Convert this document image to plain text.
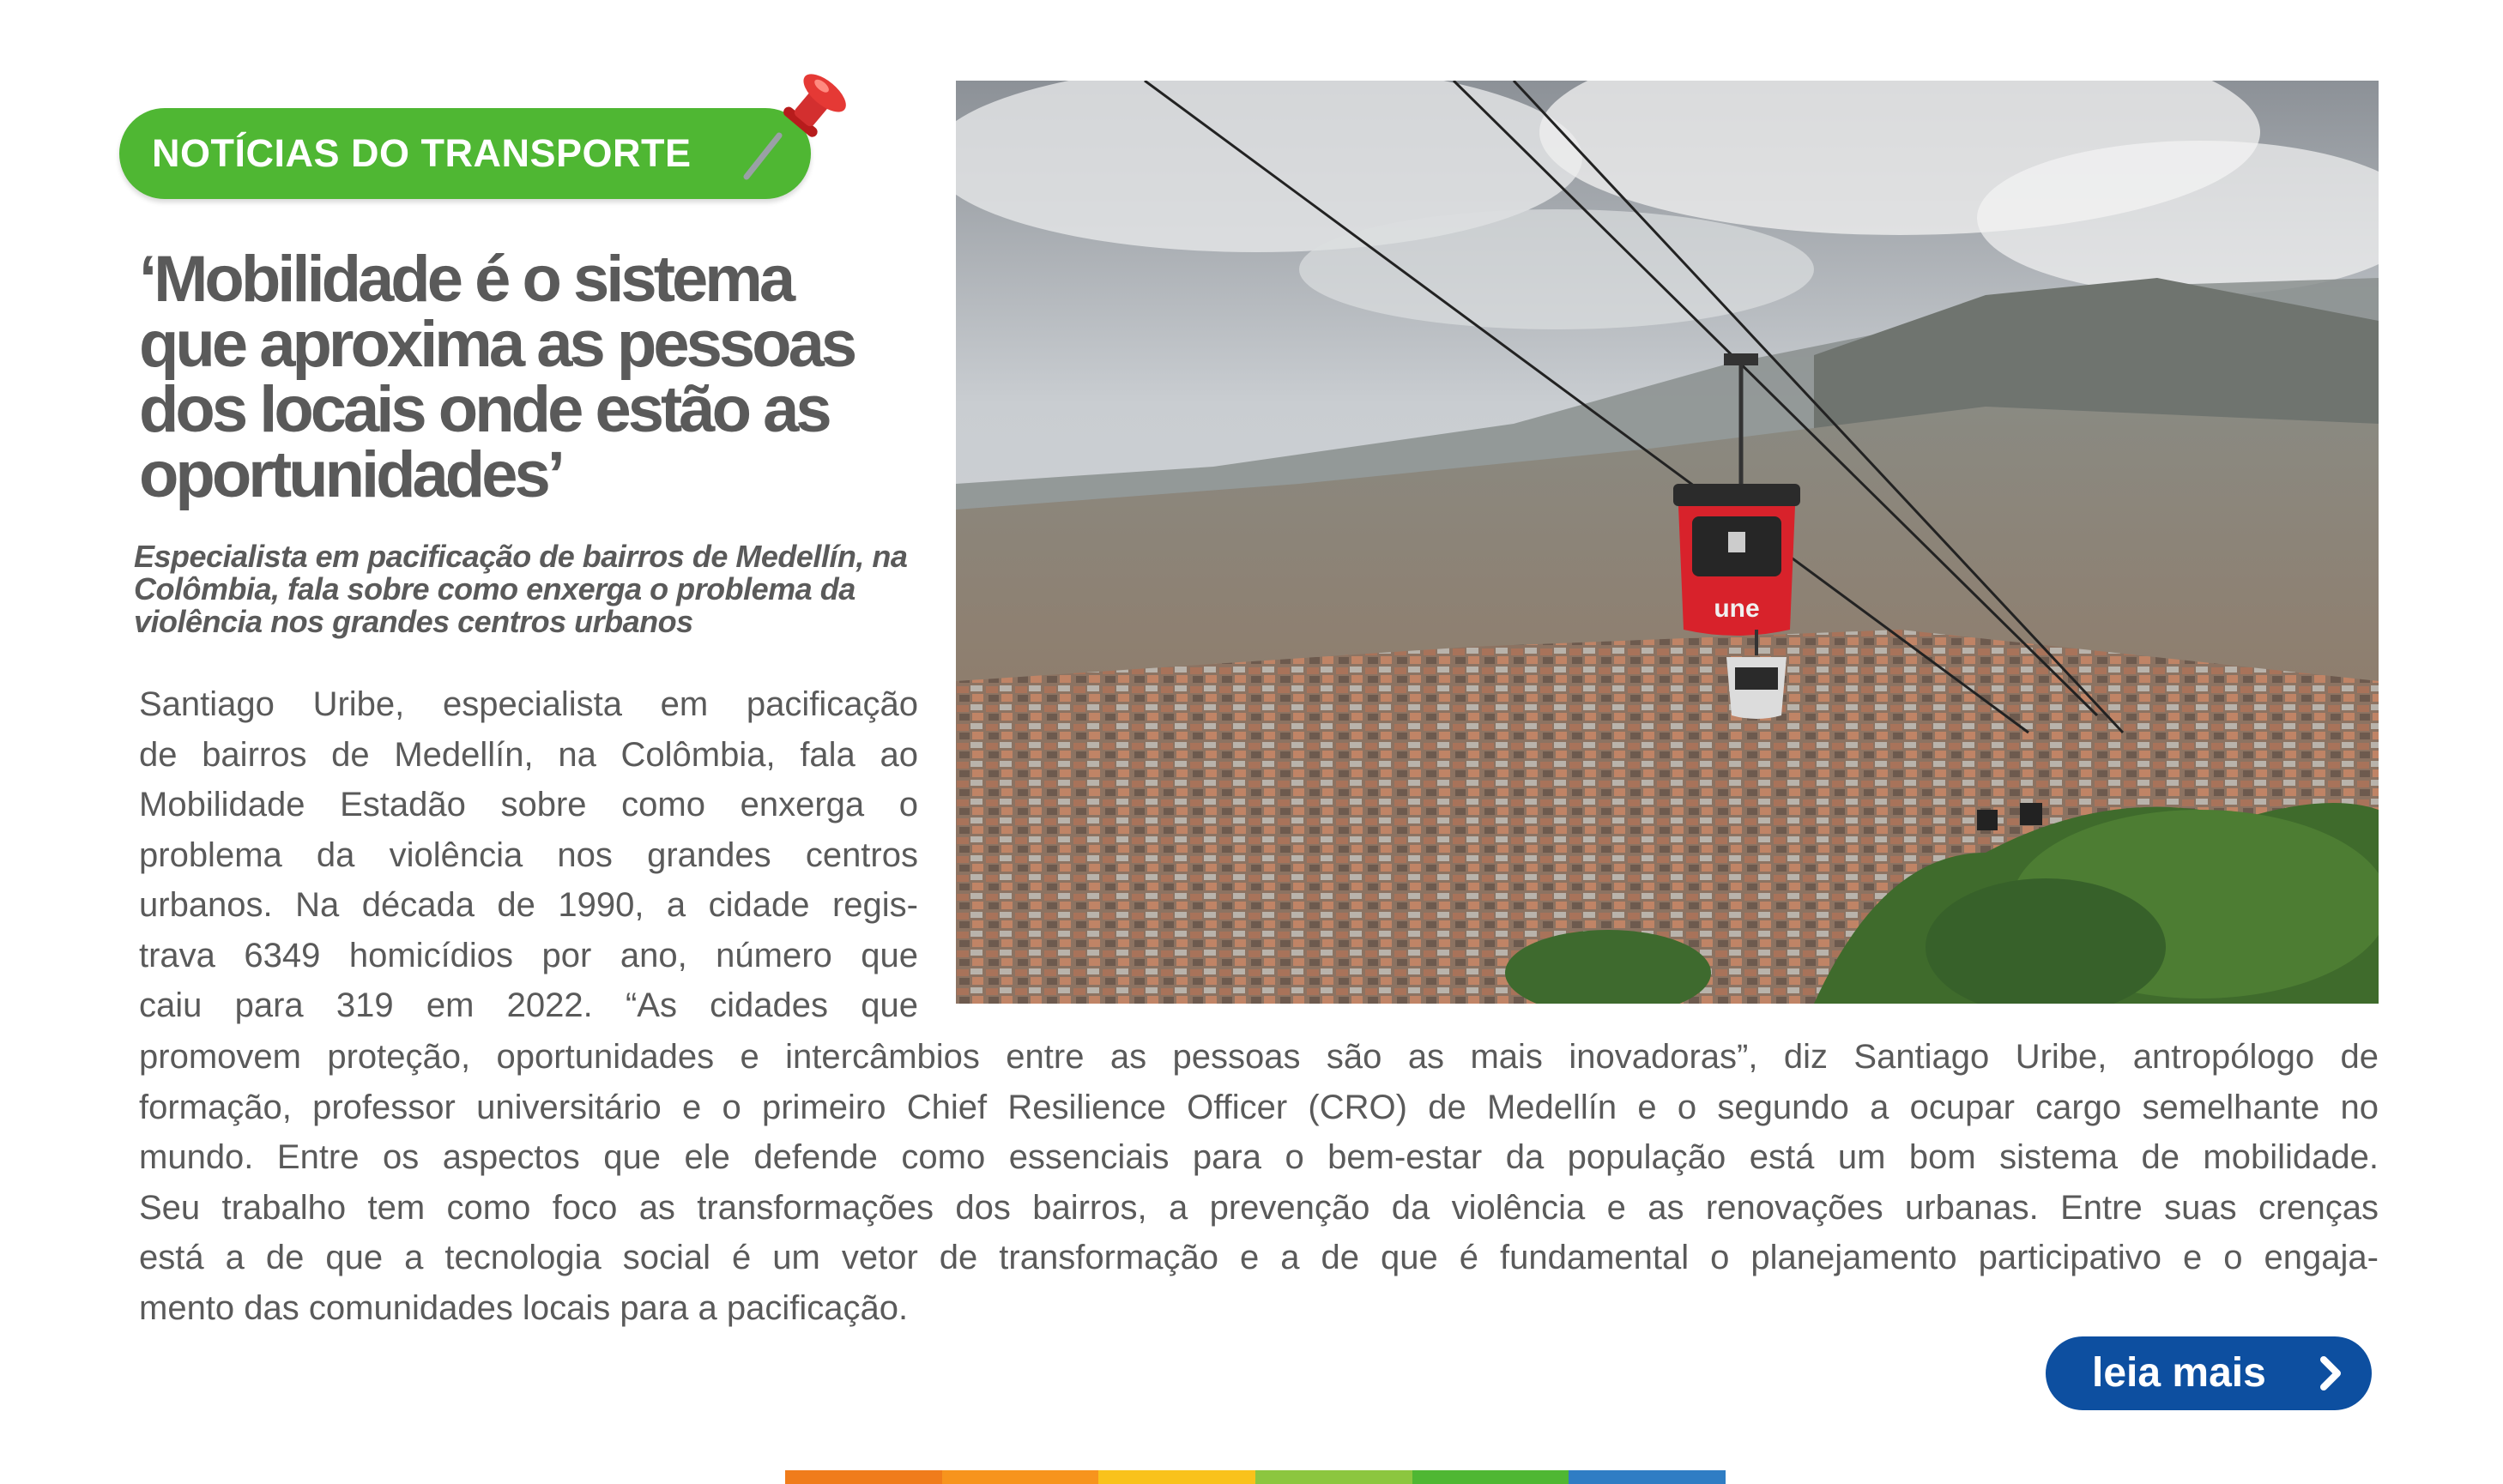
NOTÍCIAS DO TRANSPORTE
‘Mobilidade é o sistema que aproxima as pessoas dos locais onde estão as oportunidades’

Especialista em pacificação de bairros de Medellín, na Colômbia, fala sobre como enxerga o problema da violência nos grandes centros urbanos	une

Santiago Uribe, especialista em pacificação
de bairros de Medellín, na Colômbia, fala ao
Mobilidade Estadão sobre como enxerga o
problema da violência nos grandes centros
urbanos. Na década de 1990, a cidade regis-
trava 6349 homicídios por ano, número que
caiu para 319 em 2022. “As cidades que

promovem proteção, oportunidades e intercâmbios entre as pessoas são as mais inovadoras”, diz Santiago Uribe, antropólogo de
formação, professor universitário e o primeiro Chief Resilience Officer (CRO) de Medellín e o segundo a ocupar cargo semelhante no
mundo. Entre os aspectos que ele defende como essenciais para o bem-estar da população está um bom sistema de mobilidade.
Seu trabalho tem como foco as transformações dos bairros, a prevenção da violência e as renovações urbanas. Entre suas crenças
está a de que a tecnologia social é um vetor de transformação e a de que é fundamental o planejamento participativo e o engaja-
mento das comunidades locais para a pacificação.

leia mais
